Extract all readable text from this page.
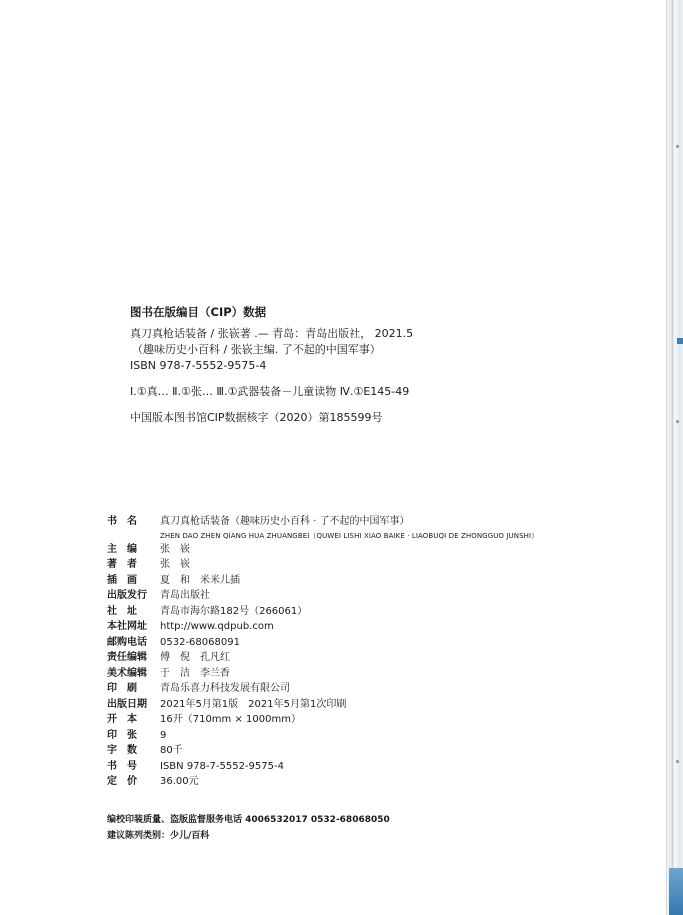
图书在版编目（CIP）数据
真刀真枪话装备 / 张嵚著 .— 青岛：青岛出版社， 2021.5
（趣味历史小百科 / 张嵚主编. 了不起的中国军事）
ISBN 978-7-5552-9575-4
Ⅰ.①真… Ⅱ.①张… Ⅲ.①武器装备－儿童读物 Ⅳ.①E145-49
中国版本图书馆CIP数据核字（2020）第185599号
书　名	真刀真枪话装备（趣味历史小百科 · 了不起的中国军事）
ZHEN DAO ZHEN QIANG HUA ZHUANGBEI（QUWEI LISHI XIAO BAIKE · LIAOBUQI DE ZHONGGUO JUNSHI）
主　编	张　嵚
著　者	张　嵚
插　画	夏　和　米米儿插
出版发行	青岛出版社
社　址	青岛市海尔路182号（266061）
本社网址	http://www.qdpub.com
邮购电话	0532-68068091
责任编辑	傅　倪　孔凡红
美术编辑	于　洁　李兰香
印　刷	青岛乐喜力科技发展有限公司
出版日期	2021年5月第1版　2021年5月第1次印刷
开　本	16开（710mm × 1000mm）
印　张	9
字　数	80千
书　号	ISBN 978-7-5552-9575-4
定　价	36.00元
编校印装质量、盗版监督服务电话 4006532017 0532-68068050
建议陈列类别：少儿/百科
